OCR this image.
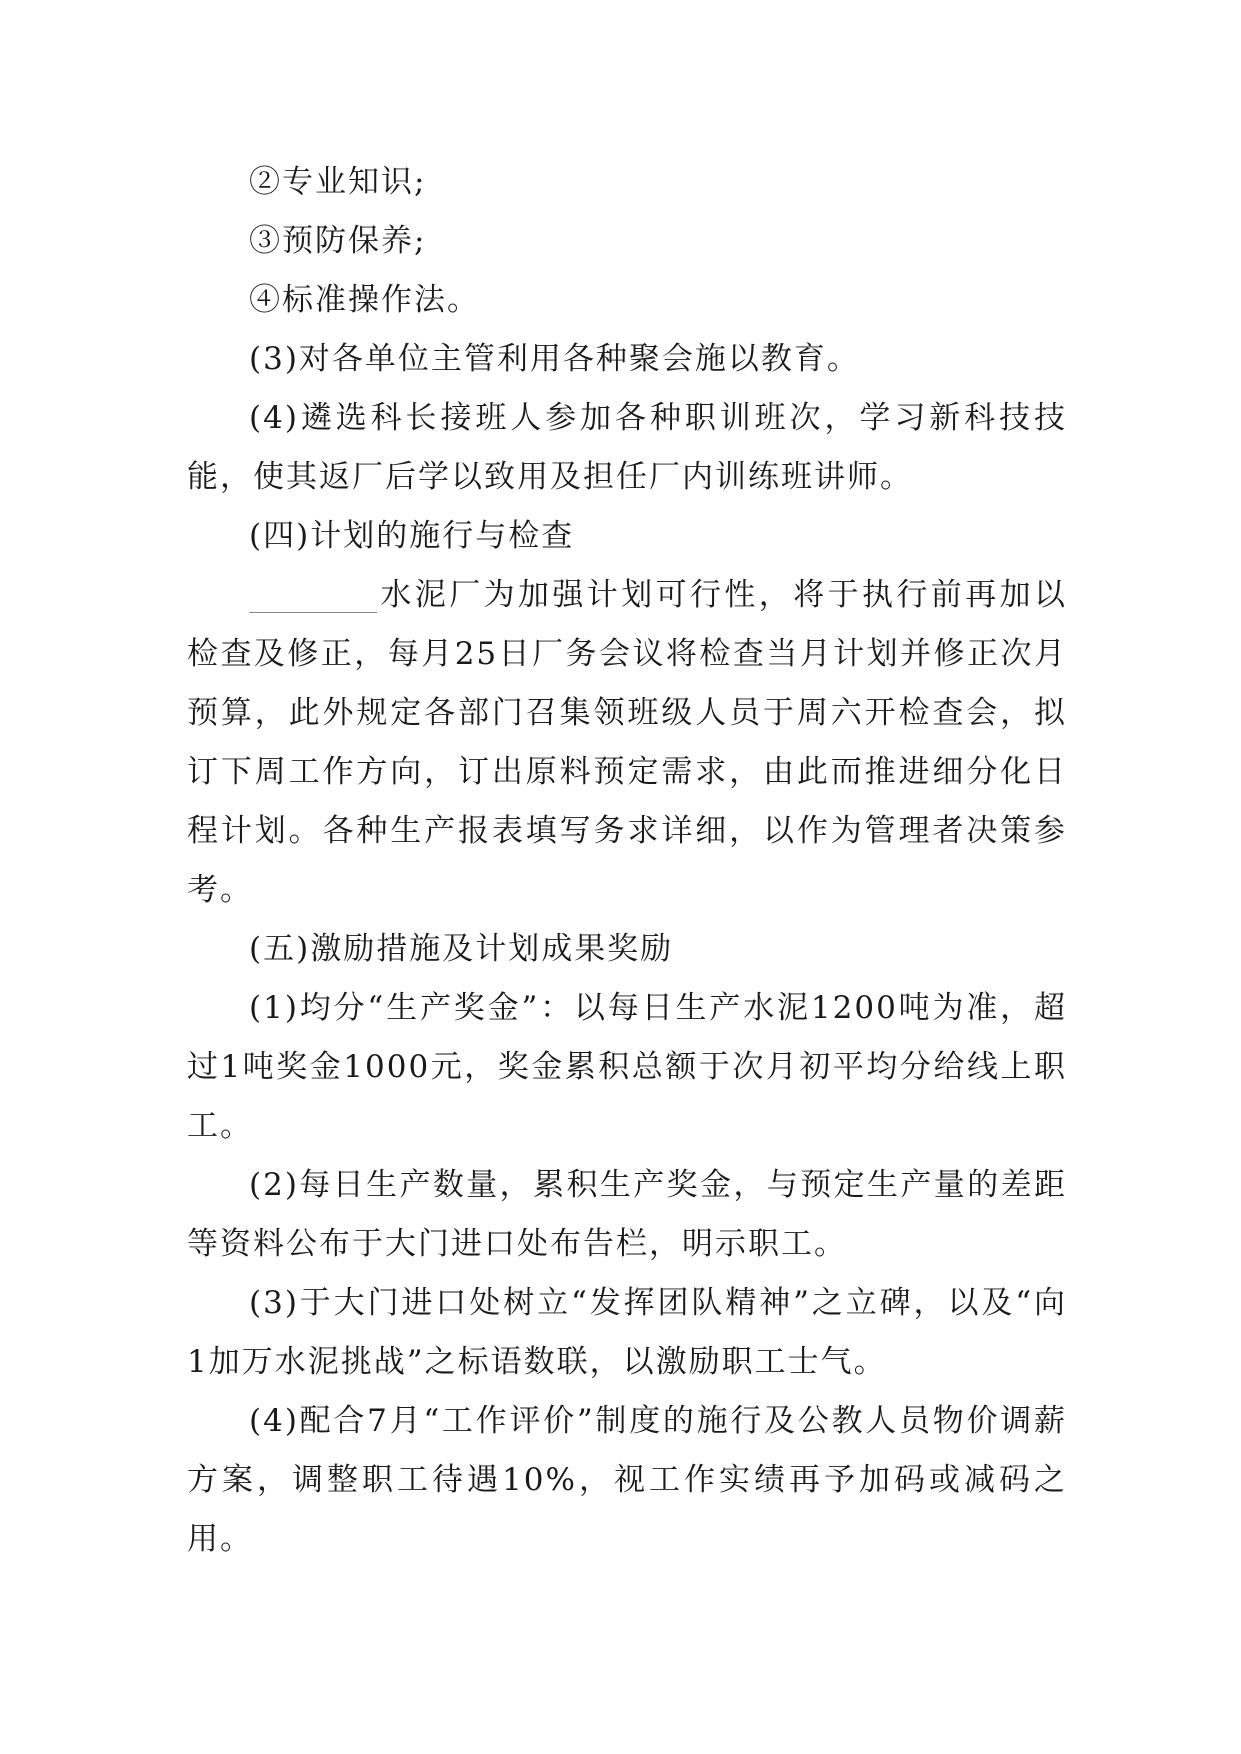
②专业知识;

③预防保养;

④标准操作法。

(3)对各单位主管利用各种聚会施以教育。

(4)遴选科长接班人参加各种职训班次，学习新科技技能，使其返厂后学以致用及担任厂内训练班讲师。

(四)计划的施行与检查

水泥厂为加强计划可行性，将于执行前再加以检查及修正，每月25日厂务会议将检查当月计划并修正次月预算，此外规定各部门召集领班级人员于周六开检查会，拟订下周工作方向，订出原料预定需求，由此而推进细分化日程计划。各种生产报表填写务求详细，以作为管理者决策参考。

(五)激励措施及计划成果奖励

(1)均分“生产奖金”：以每日生产水泥1200吨为准，超过1吨奖金1000元，奖金累积总额于次月初平均分给线上职工。

(2)每日生产数量，累积生产奖金，与预定生产量的差距等资料公布于大门进口处布告栏，明示职工。

(3)于大门进口处树立“发挥团队精神”之立碑，以及“向1加万水泥挑战”之标语数联，以激励职工士气。

(4)配合7月“工作评价”制度的施行及公教人员物价调薪方案，调整职工待遇10%，视工作实绩再予加码或减码之用。
